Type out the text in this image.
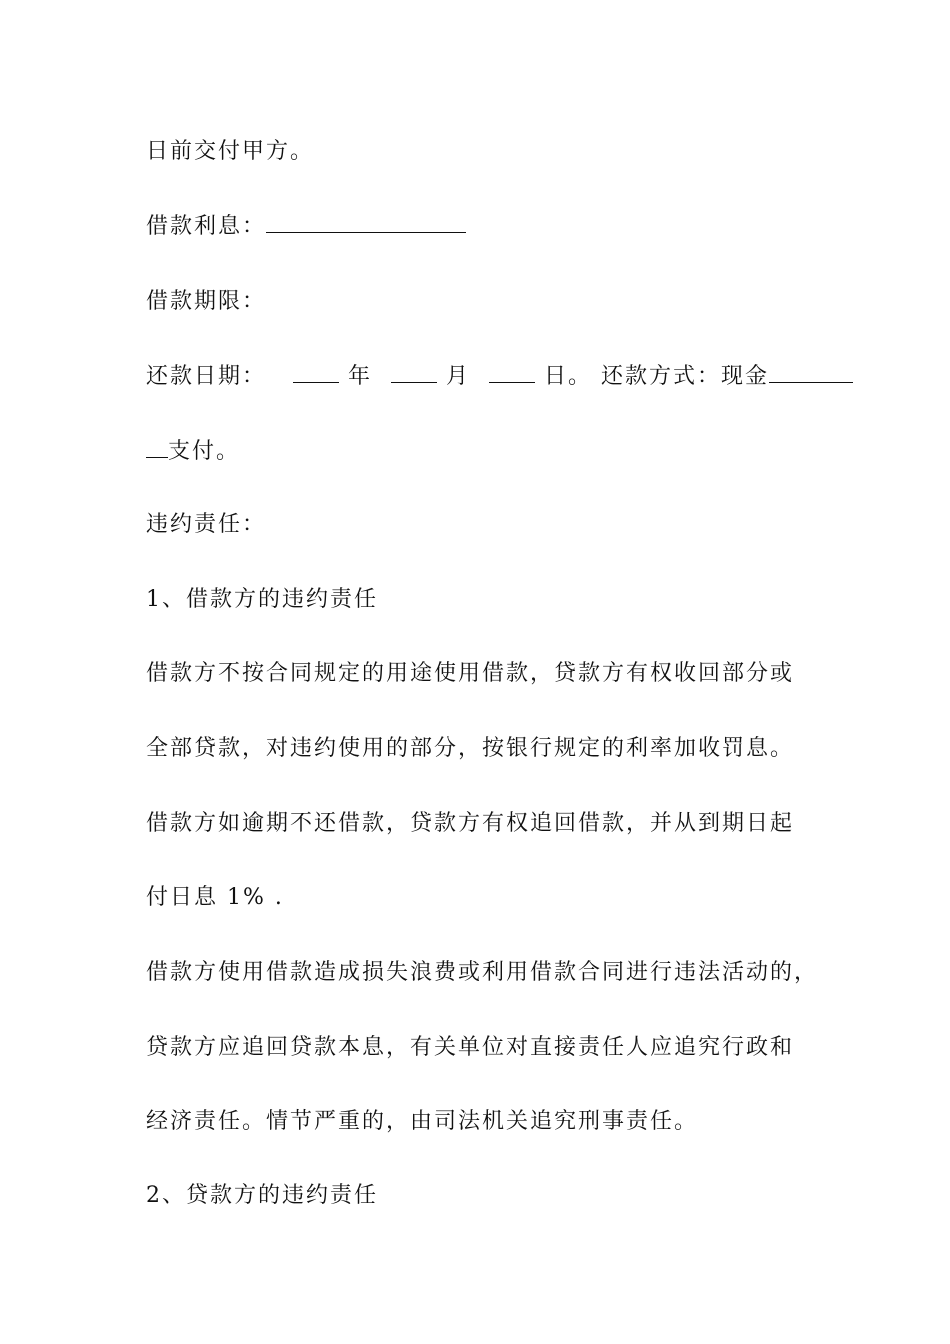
日前交付甲方。
借款利息：
借款期限：
还款日期：	年	月	日。 还款方式：现金
支付。
违约责任：
1、借款方的违约责任
借款方不按合同规定的用途使用借款，贷款方有权收回部分或
全部贷款，对违约使用的部分，按银行规定的利率加收罚息。
借款方如逾期不还借款，贷款方有权追回借款，并从到期日起
付日息 1% .
借款方使用借款造成损失浪费或利用借款合同进行违法活动的，
贷款方应追回贷款本息，有关单位对直接责任人应追究行政和
经济责任。情节严重的，由司法机关追究刑事责任。
2、贷款方的违约责任
